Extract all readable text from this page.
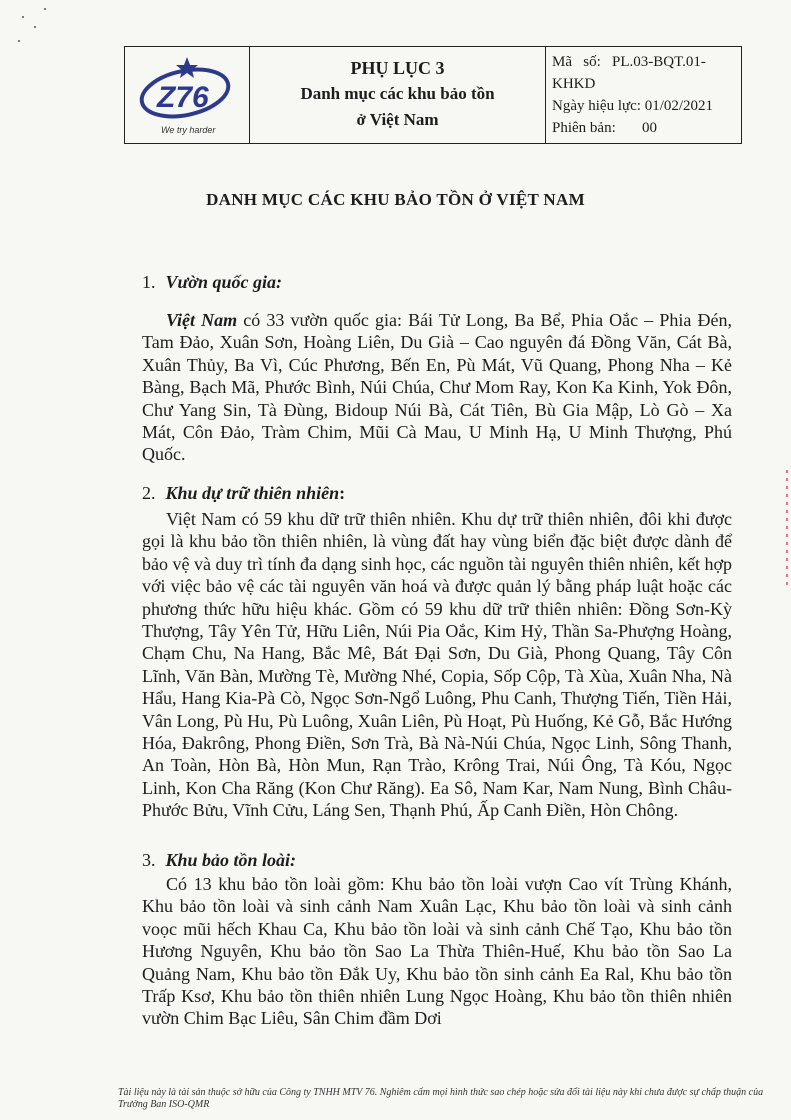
Z76
We try harder
PHỤ LỤC 3
Danh mục các khu bảo tồn
ở Việt Nam
Mã   số:   PL.03-BQT.01-
KHKD
Ngày hiệu lực: 01/02/2021
Phiên bản:       00
DANH MỤC CÁC KHU BẢO TỒN Ở VIỆT NAM
1. Vườn quốc gia:
Việt Nam có 33 vườn quốc gia: Bái Tử Long, Ba Bể, Phia Oắc – Phia Đén, Tam Đảo, Xuân Sơn, Hoàng Liên, Du Già – Cao nguyên đá Đồng Văn, Cát Bà, Xuân Thủy, Ba Vì, Cúc Phương, Bến En, Pù Mát, Vũ Quang, Phong Nha – Kẻ Bàng, Bạch Mã, Phước Bình, Núi Chúa, Chư Mom Ray, Kon Ka Kinh, Yok Đôn, Chư Yang Sin, Tà Đùng, Bidoup Núi Bà, Cát Tiên, Bù Gia Mập, Lò Gò – Xa Mát, Côn Đảo, Tràm Chim, Mũi Cà Mau, U Minh Hạ, U Minh Thượng, Phú Quốc.
2. Khu dự trữ thiên nhiên:
Việt Nam có 59 khu dữ trữ thiên nhiên. Khu dự trữ thiên nhiên, đôi khi được gọi là khu bảo tồn thiên nhiên, là vùng đất hay vùng biển đặc biệt được dành để bảo vệ và duy trì tính đa dạng sinh học, các nguồn tài nguyên thiên nhiên, kết hợp với việc bảo vệ các tài nguyên văn hoá và được quản lý bằng pháp luật hoặc các phương thức hữu hiệu khác. Gồm có 59 khu dữ trữ thiên nhiên: Đồng Sơn-Kỳ Thượng, Tây Yên Tử, Hữu Liên, Núi Pia Oắc, Kim Hỷ, Thần Sa-Phượng Hoàng, Chạm Chu, Na Hang, Bắc Mê, Bát Đại Sơn, Du Già, Phong Quang, Tây Côn Lĩnh, Văn Bàn, Mường Tè, Mường Nhé, Copia, Sốp Cộp, Tà Xùa, Xuân Nha, Nà Hẩu, Hang Kia-Pà Cò, Ngọc Sơn-Ngổ Luông, Phu Canh, Thượng Tiến, Tiền Hải, Vân Long, Pù Hu, Pù Luông, Xuân Liên, Pù Hoạt, Pù Huống, Kẻ Gỗ, Bắc Hướng Hóa, Đakrông, Phong Điền, Sơn Trà, Bà Nà-Núi Chúa, Ngọc Linh, Sông Thanh, An Toàn, Hòn Bà, Hòn Mun, Rạn Trào, Krông Trai, Núi Ông, Tà Kóu, Ngọc Linh, Kon Cha Răng (Kon Chư Răng). Ea Sô, Nam Kar, Nam Nung, Bình Châu-Phước Bửu, Vĩnh Cửu, Láng Sen, Thạnh Phú, Ấp Canh Điền, Hòn Chông.
3. Khu bảo tồn loài:
Có 13 khu bảo tồn loài gồm: Khu bảo tồn loài vượn Cao vít Trùng Khánh, Khu bảo tồn loài và sinh cảnh Nam Xuân Lạc, Khu bảo tồn loài và sinh cảnh voọc mũi hếch Khau Ca, Khu bảo tồn loài và sinh cảnh Chế Tạo, Khu bảo tồn Hương Nguyên, Khu bảo tồn Sao La Thừa Thiên-Huế, Khu bảo tồn Sao La Quảng Nam, Khu bảo tồn Đắk Uy, Khu bảo tồn sinh cảnh Ea Ral, Khu bảo tồn Trấp Ksơ, Khu bảo tồn thiên nhiên Lung Ngọc Hoàng, Khu bảo tồn thiên nhiên vườn Chim Bạc Liêu, Sân Chim đầm Dơi
Tài liệu này là tài sản thuộc sở hữu của Công ty TNHH MTV 76. Nghiêm cấm mọi hình thức sao chép hoặc sửa đổi tài liệu này khi chưa được sự chấp thuận của Trưởng Ban ISO-QMR
